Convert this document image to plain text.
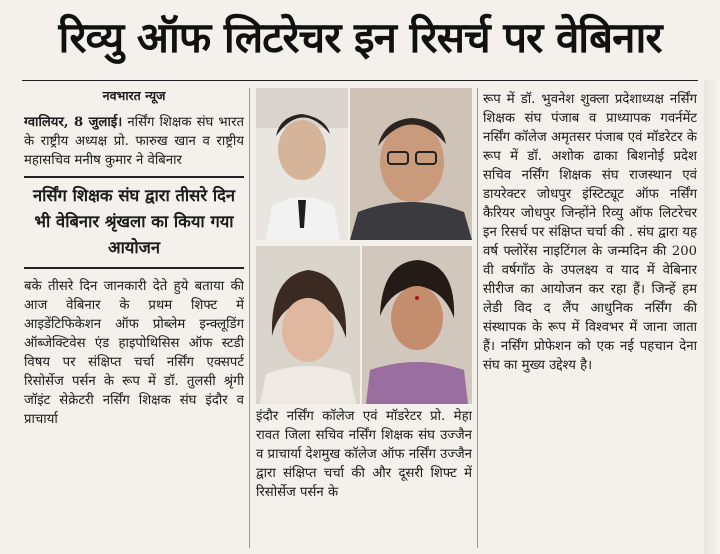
रिव्यु ऑफ लिटरेचर इन रिसर्च पर वेबिनार
नवभारत न्यूज

ग्वालियर, 8 जुलाई। नर्सिंग शिक्षक संघ भारत के राष्ट्रीय अध्यक्ष प्रो. फारुख खान व राष्ट्रीय महासचिव मनीष कुमार ने वेबिनार

नर्सिंग शिक्षक संघ द्वारा तीसरे दिन भी वेबिनार श्रृंखला का किया गया आयोजन

बके तीसरे दिन जानकारी देते हुये बताया की आज वेबिनार के प्रथम शिफ्ट में आइडेंटिफिकेशन ऑफ प्रोब्लेम इन्क्लूडिंग ऑब्जेक्टिवेस एंड हाइपोथिसिस ऑफ स्टडी विषय पर संक्षिप्त चर्चा नर्सिंग एक्सपर्ट रिसोर्सेज पर्सन के रूप में डॉ. तुलसी श्रृंगी जॉइंट सेक्रेटरी नर्सिंग शिक्षक संघ इंदौर व प्राचार्या	इंदौर नर्सिंग कॉलेज एवं मॉडरेटर प्रो. मेहा रावत जिला सचिव नर्सिंग शिक्षक संघ उज्जैन व प्राचार्या देशमुख कॉलेज ऑफ नर्सिंग उज्जैन द्वारा संक्षिप्त चर्चा की और दूसरी शिफ्ट में रिसोर्सेज पर्सन के

रूप में डॉ. भुवनेश शुक्ला प्रदेशाध्यक्ष नर्सिंग शिक्षक संघ पंजाब व प्राध्यापक गवर्नमेंट नर्सिंग कॉलेज अमृतसर पंजाब एवं मॉडरेटर के रूप में डॉ. अशोक ढाका बिशनोई प्रदेश सचिव नर्सिंग शिक्षक संघ राजस्थान एवं डायरेक्टर जोधपुर इंस्टिट्यूट ऑफ नर्सिंग कैरियर जोधपुर जिन्होंने रिव्यु ऑफ लिटरेचर इन रिसर्च पर संक्षिप्त चर्चा की . संघ द्वारा यह वर्ष फ्लोरेंस नाइटिंगल के जन्मदिन की 200 वी वर्षगाँठ के उपलक्ष्य व याद में वेबिनार सीरीज का आयोजन कर रहा हैं। जिन्हें हम लेडी विद द लैंप आधुनिक नर्सिंग की संस्थापक के रूप में विश्वभर में जाना जाता हैं। नर्सिंग प्रोफेशन को एक नई पहचान देना संघ का मुख्य उद्देश्य है।
